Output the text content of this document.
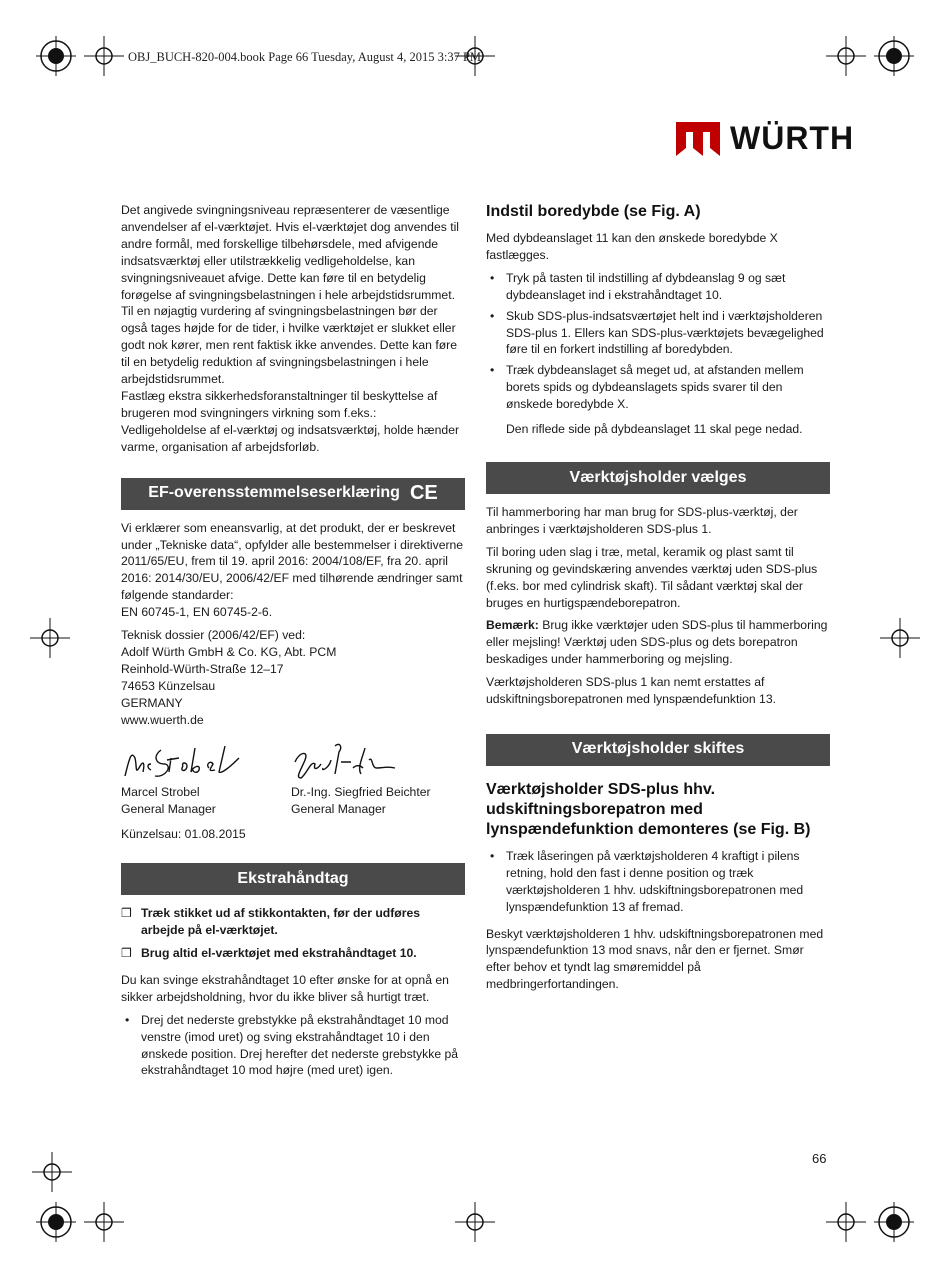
OBJ_BUCH-820-004.book Page 66 Tuesday, August 4, 2015 3:37 PM
WÜRTH

Det angivede svingningsniveau repræsenterer de væsentlige anvendelser af el-værktøjet. Hvis el-værktøjet dog anvendes til andre formål, med forskellige tilbehørsdele, med afvigende indsatsværktøj eller utilstrækkelig vedligeholdelse, kan svingningsniveauet afvige. Dette kan føre til en betydelig forøgelse af svingningsbelastningen i hele arbejdstidsrummet.

Til en nøjagtig vurdering af svingningsbelastningen bør der også tages højde for de tider, i hvilke værktøjet er slukket eller godt nok kører, men rent faktisk ikke anvendes. Dette kan føre til en betydelig reduktion af svingningsbelastningen i hele arbejdstidsrummet.

Fastlæg ekstra sikkerhedsforanstaltninger til beskyttelse af brugeren mod svingningers virkning som f.eks.: Vedligeholdelse af el-værktøj og indsatsværktøj, holde hænder varme, organisation af arbejdsforløb.

EF-overensstemmelseserklæring CE

Vi erklærer som eneansvarlig, at det produkt, der er beskrevet under „Tekniske data“, opfylder alle bestemmelser i direktiverne 2011/65/EU, frem til 19. april 2016: 2004/108/EF, fra 20. april 2016: 2014/30/EU, 2006/42/EF med tilhørende ændringer samt følgende standarder:
EN 60745-1, EN 60745-2-6.

Teknisk dossier (2006/42/EF) ved:
Adolf Würth GmbH & Co. KG, Abt. PCM
Reinhold-Würth-Straße 12–17
74653 Künzelsau
GERMANY
www.wuerth.de
Marcel Strobel
General Manager
Dr.-Ing. Siegfried Beichter
General Manager

Künzelsau: 01.08.2015

Ekstrahåndtag
❒ Træk stikket ud af stikkontakten, før der udføres arbejde på el-værktøjet.
❒ Brug altid el-værktøjet med ekstrahåndtaget 10.

Du kan svinge ekstrahåndtaget 10 efter ønske for at opnå en sikker arbejdsholdning, hvor du ikke bliver så hurtigt træt.

• Drej det nederste grebstykke på ekstrahåndtaget 10 mod venstre (imod uret) og sving ekstrahåndtaget 10 i den ønskede position. Drej herefter det nederste grebstykke på ekstrahåndtaget 10 mod højre (med uret) igen.
Indstil boredybde (se Fig. A)

Med dybdeanslaget 11 kan den ønskede boredybde X fastlægges.

• Tryk på tasten til indstilling af dybdeanslag 9 og sæt dybdeanslaget ind i ekstrahåndtaget 10.
• Skub SDS-plus-indsatsværtøjet helt ind i værktøjsholderen SDS-plus 1. Ellers kan SDS-plus-værktøjets bevægelighed føre til en forkert indstilling af boredybden.
• Træk dybdeanslaget så meget ud, at afstanden mellem borets spids og dybdeanslagets spids svarer til den ønskede boredybde X.

Den riflede side på dybdeanslaget 11 skal pege nedad.

Værktøjsholder vælges

Til hammerboring har man brug for SDS-plus-værktøj, der anbringes i værktøjsholderen SDS-plus 1.

Til boring uden slag i træ, metal, keramik og plast samt til skruning og gevindskæring anvendes værktøj uden SDS-plus (f.eks. bor med cylindrisk skaft). Til sådant værktøj skal der bruges en hurtigspændeborepatron.

Bemærk: Brug ikke værktøjer uden SDS-plus til hammerboring eller mejsling! Værktøj uden SDS-plus og dets borepatron beskadiges under hammerboring og mejsling.

Værktøjsholderen SDS-plus 1 kan nemt erstattes af udskiftningsborepatronen med lynspændefunktion 13.

Værktøjsholder skiftes
Værktøjsholder SDS-plus hhv. udskiftningsborepatron med lynspændefunktion demonteres (se Fig. B)
• Træk låseringen på værktøjsholderen 4 kraftigt i pilens retning, hold den fast i denne position og træk værktøjsholderen 1 hhv. udskiftningsborepatronen med lynspændefunktion 13 af fremad.

Beskyt værktøjsholderen 1 hhv. udskiftningsborepatronen med lynspændefunktion 13 mod snavs, når den er fjernet. Smør efter behov et tyndt lag smøremiddel på medbringerfortandingen.

66
